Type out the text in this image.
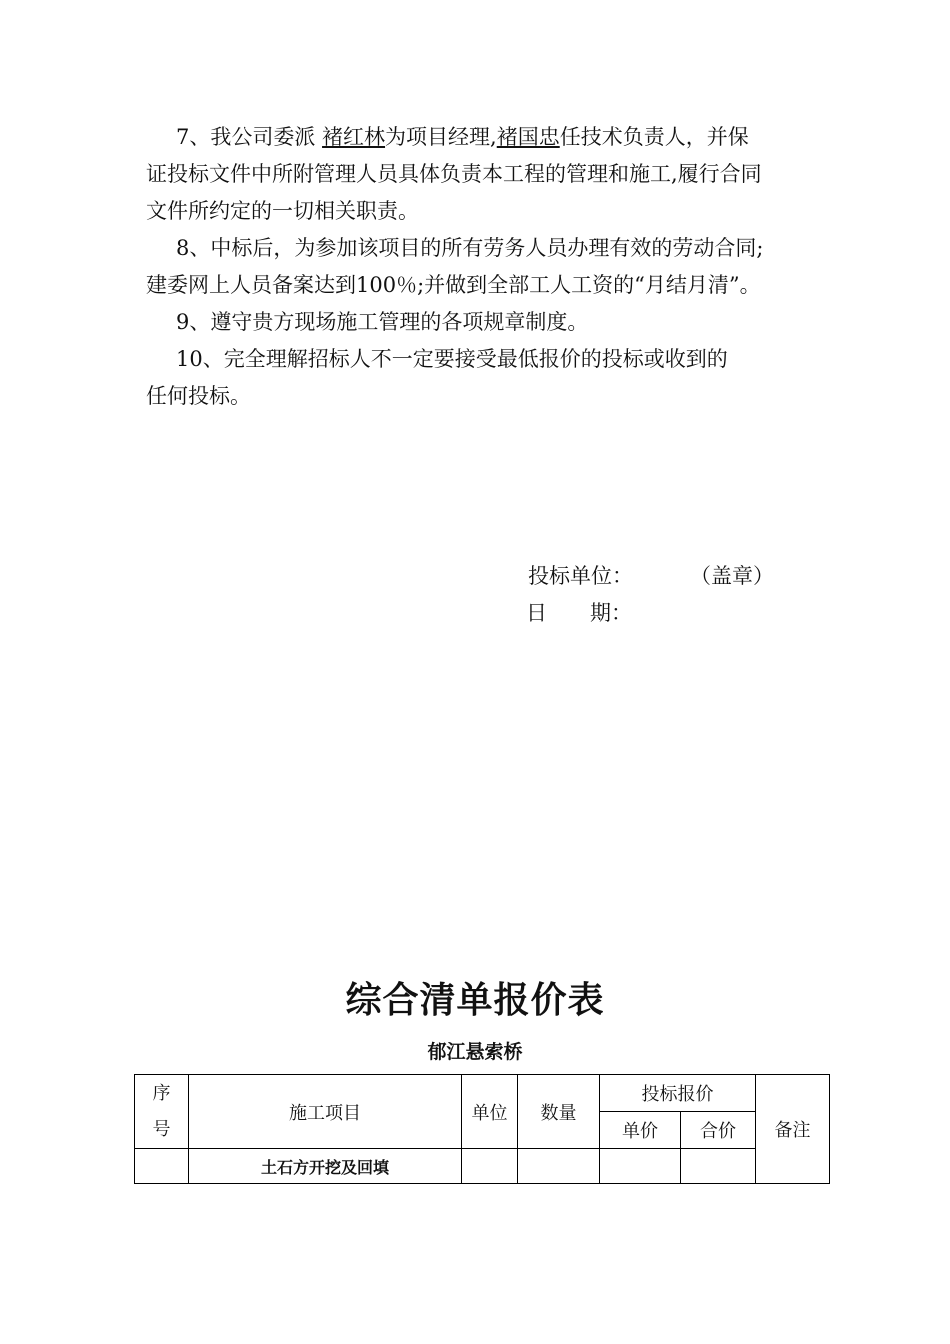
7、我公司委派 褚红林为项目经理,褚国忠任技术负责人，并保
证投标文件中所附管理人员具体负责本工程的管理和施工,履行合同
文件所约定的一切相关职责。
8、中标后，为参加该项目的所有劳务人员办理有效的劳动合同;
建委网上人员备案达到100％;并做到全部工人工资的“月结月清”。
9、遵守贵方现场施工管理的各项规章制度。
10、完全理解招标人不一定要接受最低报价的投标或收到的
任何投标。
投标单位：	（盖章）
日 期：
综合清单报价表
郁江悬索桥
序
号	施工项目	单位	数量	投标报价		备注
				单价	合价	
	土石方开挖及回填					
